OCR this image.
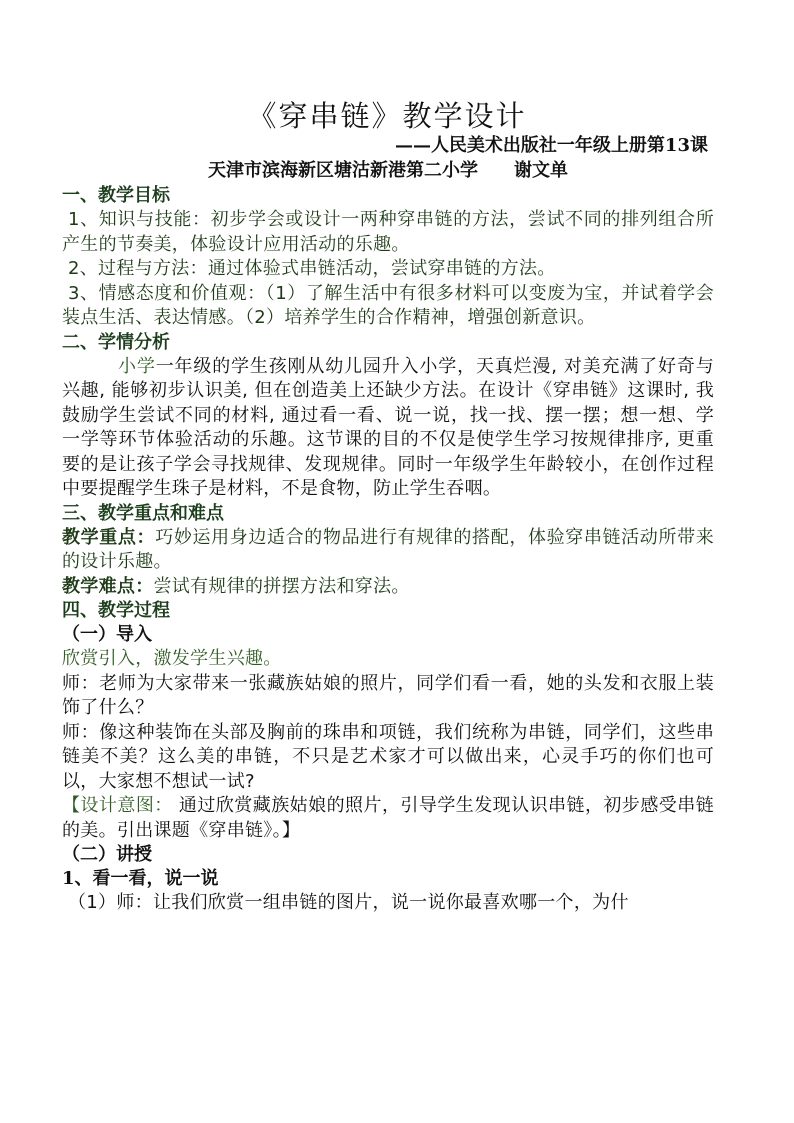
《穿串链》教学设计
——人民美术出版社一年级上册第13课
天津市滨海新区塘沽新港第二小学 谢文单
一、教学目标

1、知识与技能：初步学会或设计一两种穿串链的方法，尝试不同的排列组合所产生的节奏美，体验设计应用活动的乐趣。

2、过程与方法：通过体验式串链活动，尝试穿串链的方法。

3、情感态度和价值观：（1）了解生活中有很多材料可以变废为宝，并试着学会装点生活、表达情感。（2）培养学生的合作精神，增强创新意识。

二、学情分析

小学一年级的学生孩刚从幼儿园升入小学，天真烂漫, 对美充满了好奇与兴趣, 能够初步认识美, 但在创造美上还缺少方法。在设计《穿串链》这课时, 我鼓励学生尝试不同的材料, 通过看一看、说一说，找一找、摆一摆；想一想、学一学等环节体验活动的乐趣。这节课的目的不仅是使学生学习按规律排序, 更重要的是让孩子学会寻找规律、发现规律。同时一年级学生年龄较小，在创作过程中要提醒学生珠子是材料，不是食物，防止学生吞咽。

三、教学重点和难点

教学重点：巧妙运用身边适合的物品进行有规律的搭配，体验穿串链活动所带来的设计乐趣。

教学难点：尝试有规律的拼摆方法和穿法。

四、教学过程
（一）导入

欣赏引入，激发学生兴趣。

师：老师为大家带来一张藏族姑娘的照片，同学们看一看，她的头发和衣服上装饰了什么？

师：像这种装饰在头部及胸前的珠串和项链，我们统称为串链，同学们，这些串链美不美？这么美的串链，不只是艺术家才可以做出来，心灵手巧的你们也可以，大家想不想试一试?

【设计意图： 通过欣赏藏族姑娘的照片，引导学生发现认识串链，初步感受串链的美。引出课题《穿串链》。】

（二）讲授
1、看一看，说一说

（1）师：让我们欣赏一组串链的图片，说一说你最喜欢哪一个，为什
